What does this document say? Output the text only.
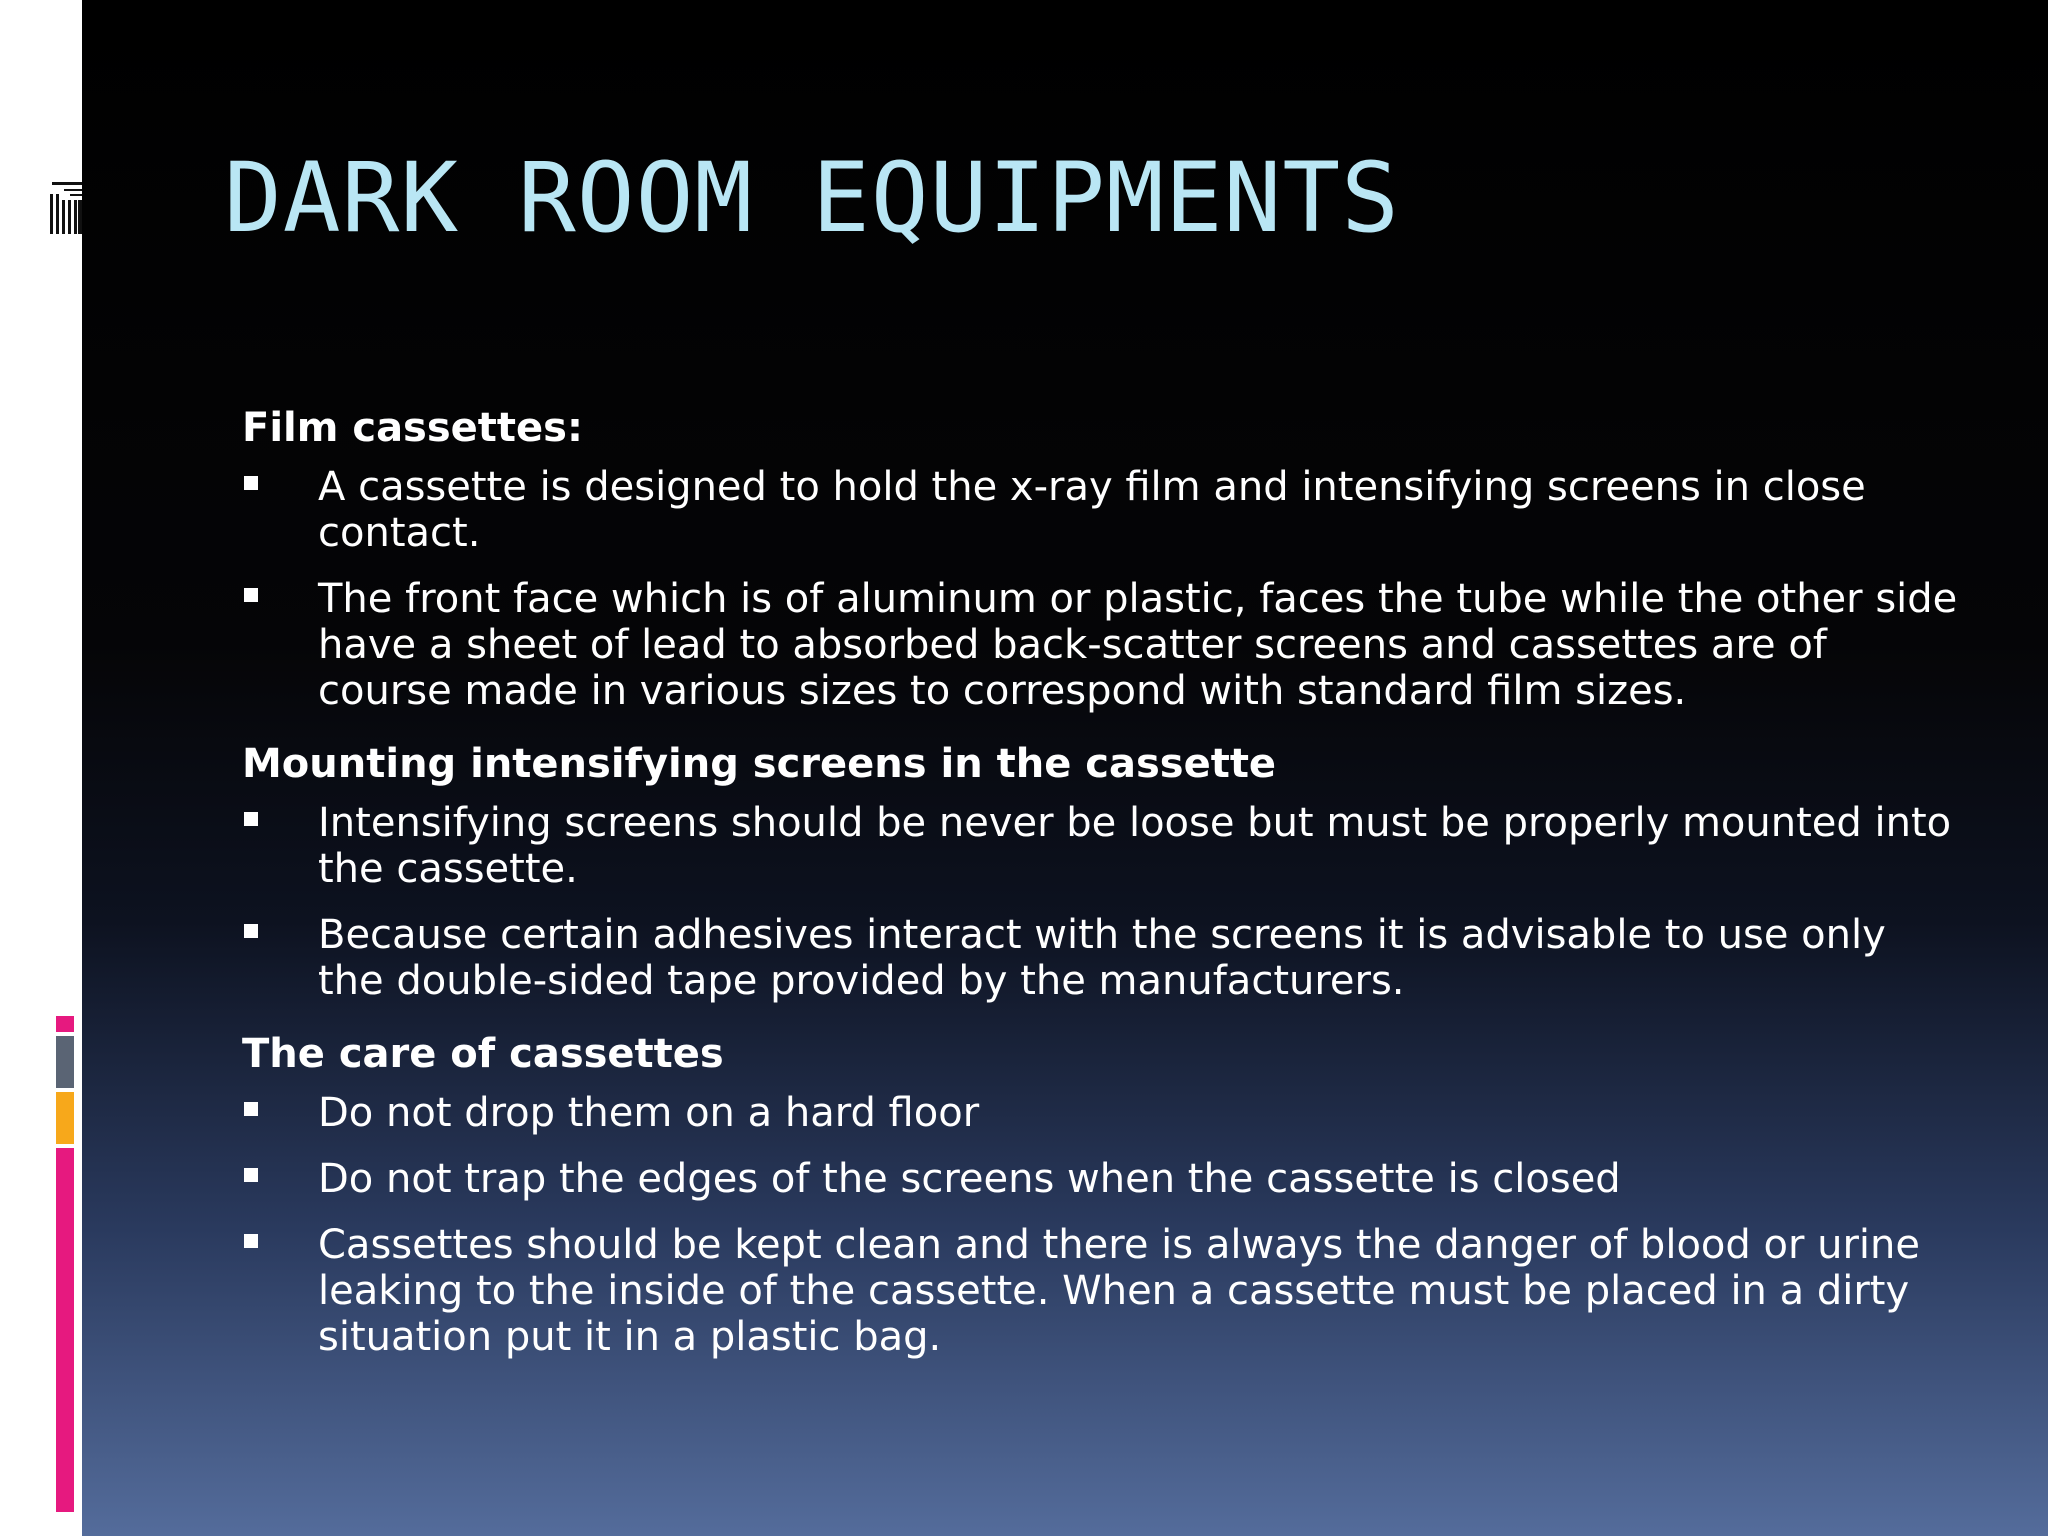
DARK ROOM EQUIPMENTS
Film cassettes:
A cassette is designed to hold the x-ray film and intensifying screens in close contact.
The front face which is of aluminum or plastic, faces the tube while the other side have a sheet of lead to absorbed back-scatter screens and cassettes are of course made in various sizes to correspond with standard film sizes.
Mounting intensifying screens in the cassette
Intensifying screens should be never be loose but must be properly mounted into the cassette.
Because certain adhesives interact with the screens it is advisable to use only the double-sided tape provided by the manufacturers.
The care of cassettes
Do not drop them on a hard floor
Do not trap the edges of the screens when the cassette is closed
Cassettes should be kept clean and there is always the danger of blood or urine leaking to the inside of the cassette. When a cassette must be placed in a dirty situation put it in a plastic bag.
